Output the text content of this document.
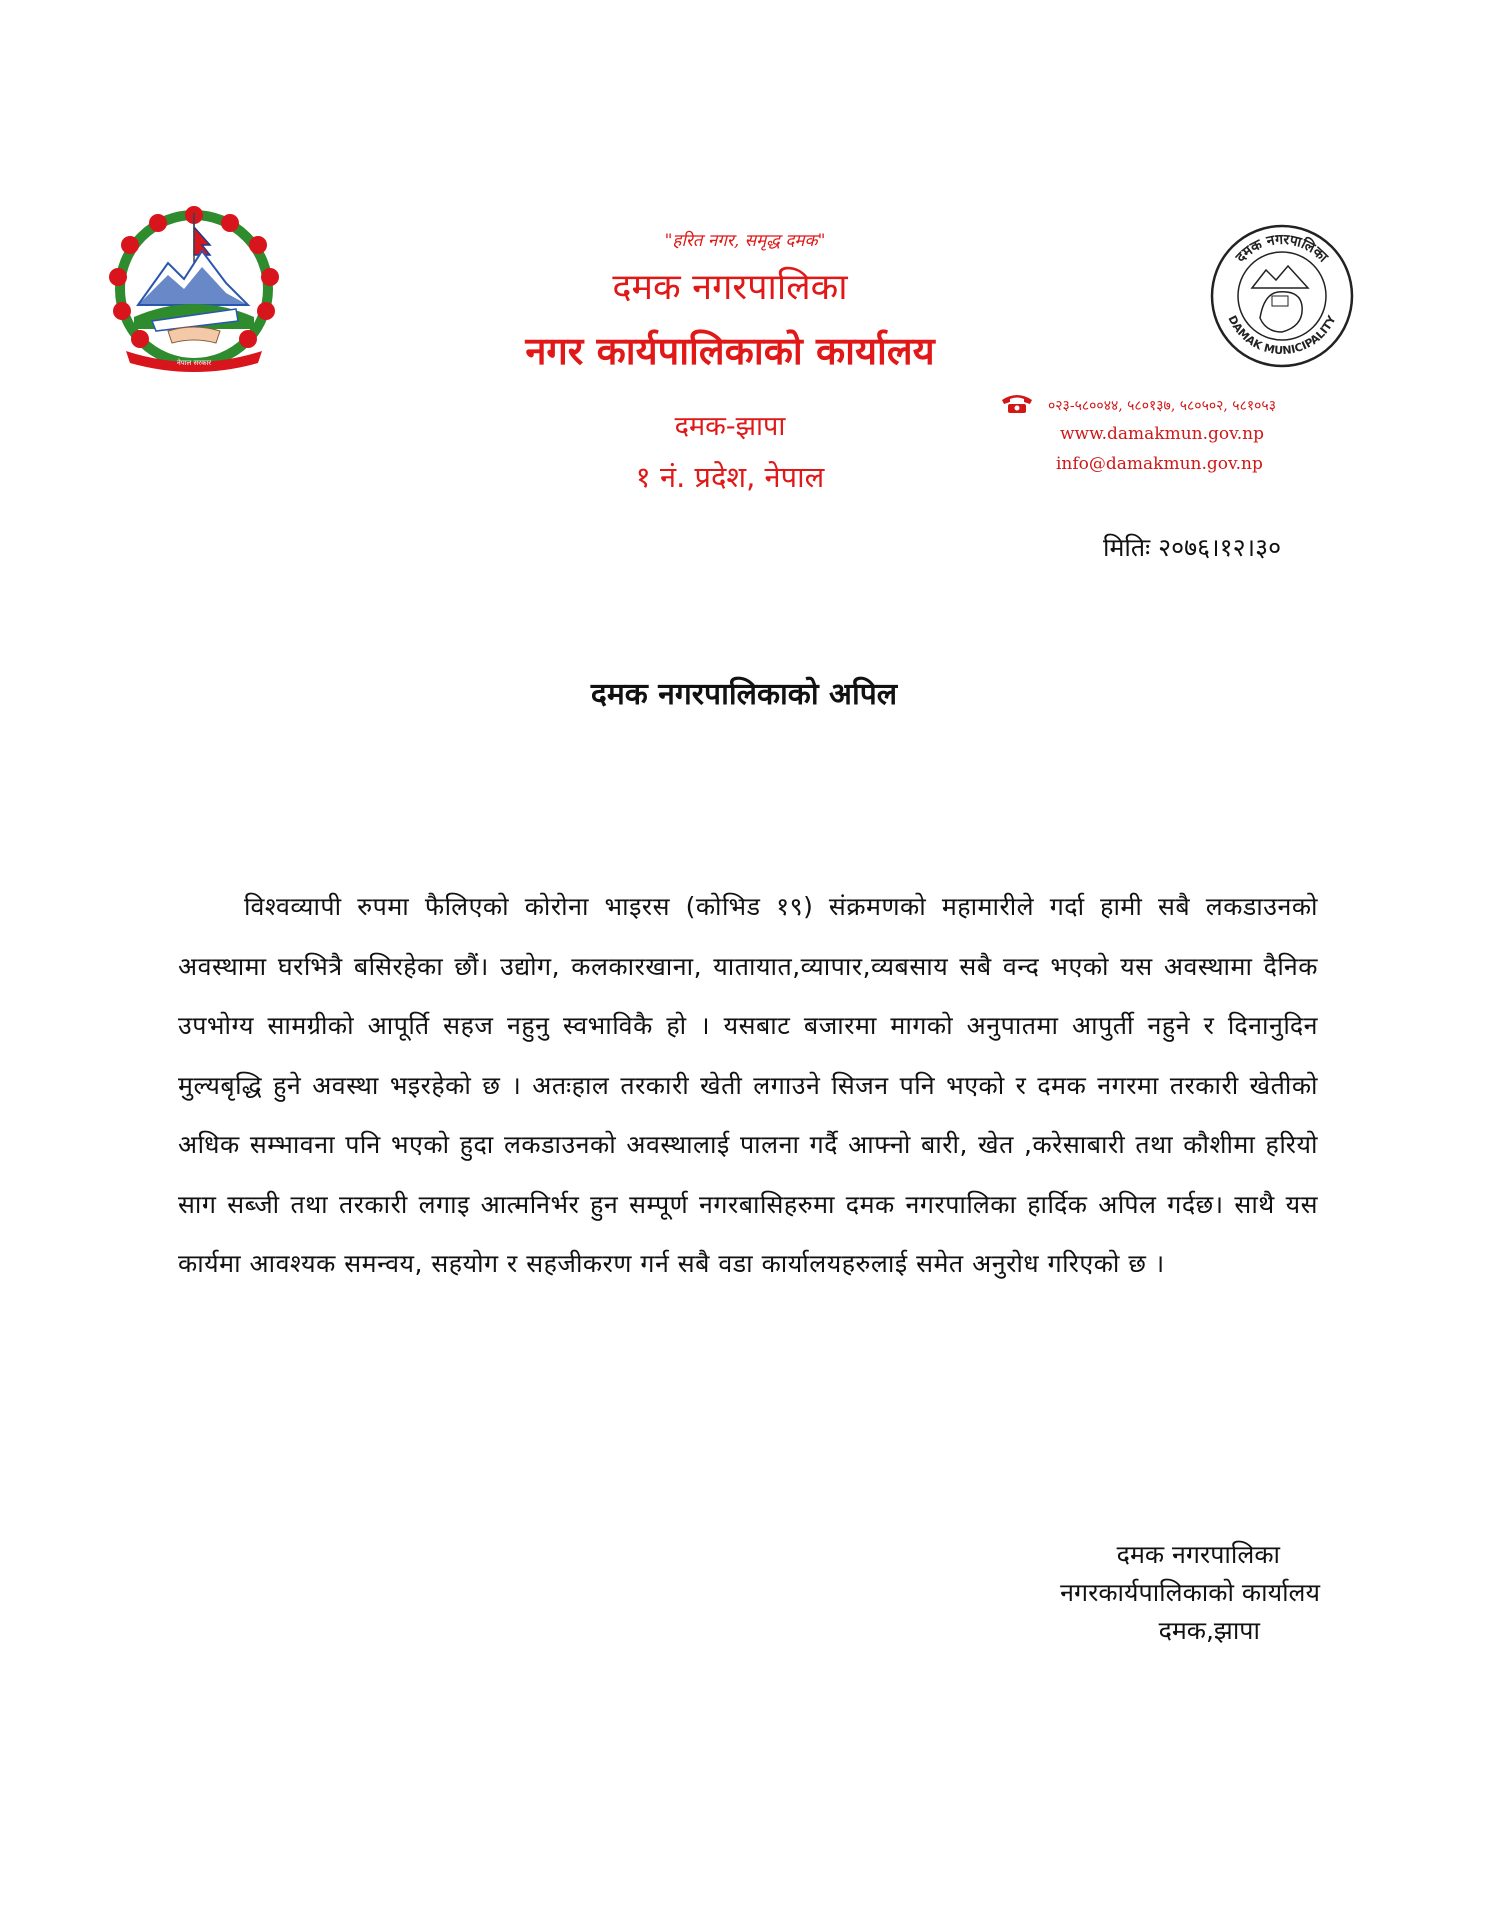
नेपाल सरकार
"हरित नगर, समृद्ध दमक"
दमक नगरपालिका
नगर कार्यपालिकाको कार्यालय
दमक-झापा
१ नं. प्रदेश, नेपाल
दमक नगरपालिका
DAMAK MUNICIPALITY
०२३-५८००४४, ५८०१३७, ५८०५०२, ५८१०५३
www.damakmun.gov.np
info@damakmun.gov.np
मितिः २०७६।१२।३०
दमक नगरपालिकाको अपिल
विश्वव्यापी रुपमा फैलिएको कोरोना भाइरस (कोभिड १९) संक्रमणको महामारीले गर्दा हामी सबै लकडाउनको अवस्थामा घरभित्रै बसिरहेका छौं। उद्योग, कलकारखाना, यातायात,व्यापार,व्यबसाय सबै वन्द भएको यस अवस्थामा दैनिक उपभोग्य सामग्रीको आपूर्ति सहज नहुनु स्वभाविकै हो । यसबाट बजारमा मागको अनुपातमा आपुर्ती नहुने र दिनानुदिन मुल्यबृद्धि हुने अवस्था भइरहेको छ । अतःहाल तरकारी खेती लगाउने सिजन पनि भएको र दमक नगरमा तरकारी खेतीको अधिक सम्भावना पनि भएको हुदा लकडाउनको अवस्थालाई पालना गर्दै आफ्नो बारी, खेत ,करेसाबारी तथा कौशीमा हरियो साग सब्जी तथा तरकारी लगाइ आत्मनिर्भर हुन सम्पूर्ण नगरबासिहरुमा दमक नगरपालिका हार्दिक अपिल गर्दछ। साथै यस कार्यमा आवश्यक समन्वय, सहयोग र सहजीकरण गर्न सबै वडा कार्यालयहरुलाई समेत अनुरोध गरिएको छ ।
दमक नगरपालिका
नगरकार्यपालिकाको कार्यालय
दमक,झापा
